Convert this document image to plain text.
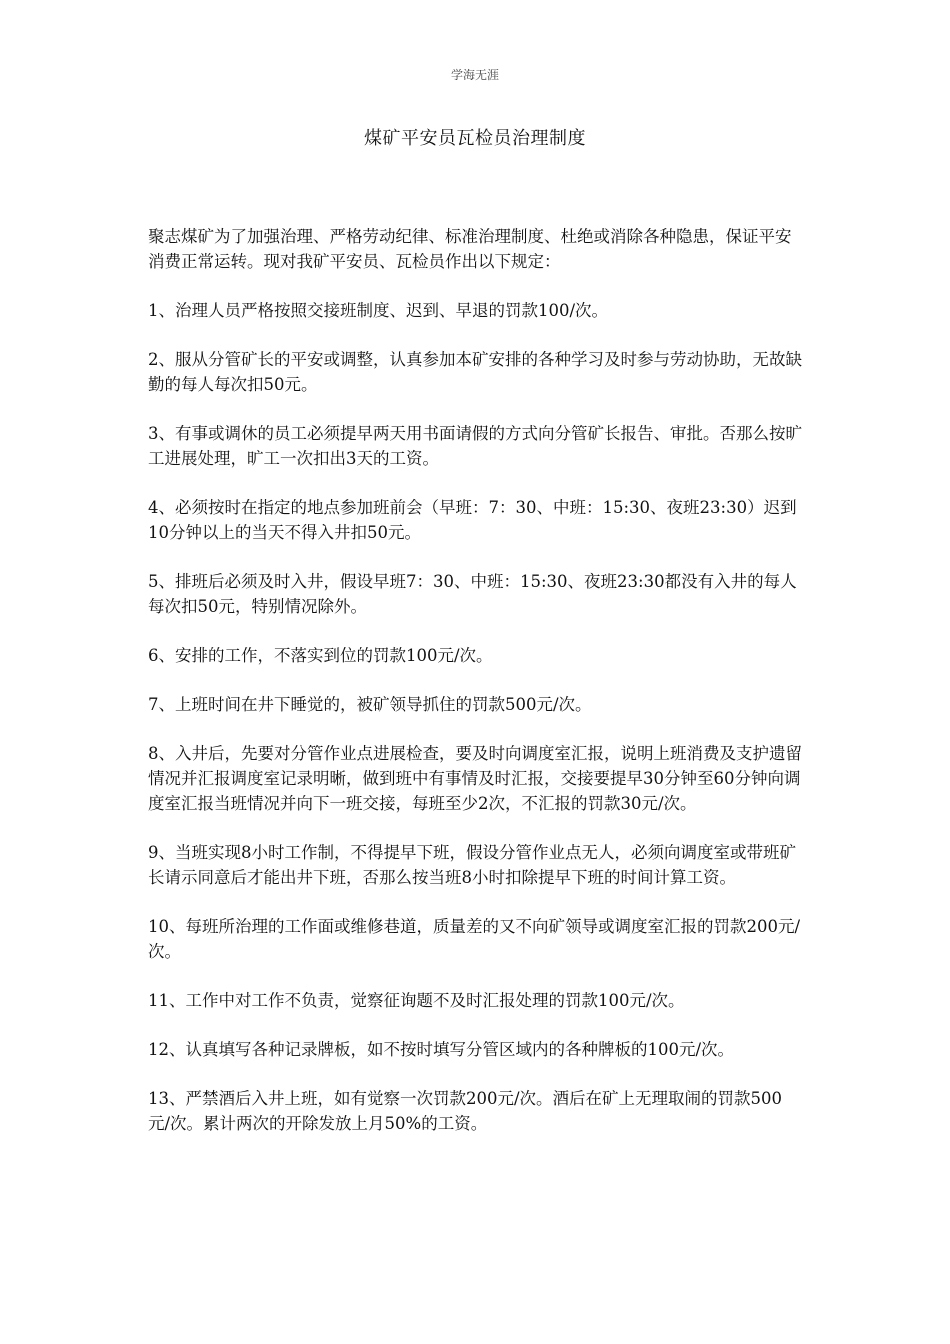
学海无涯
煤矿平安员瓦检员治理制度

聚志煤矿为了加强治理、严格劳动纪律、标准治理制度、杜绝或消除各种隐患，保证平安消费正常运转。现对我矿平安员、瓦检员作出以下规定：

1、治理人员严格按照交接班制度、迟到、早退的罚款100/次。

2、服从分管矿长的平安或调整，认真参加本矿安排的各种学习及时参与劳动协助，无故缺勤的每人每次扣50元。

3、有事或调休的员工必须提早两天用书面请假的方式向分管矿长报告、审批。否那么按旷工进展处理，旷工一次扣出3天的工资。

4、必须按时在指定的地点参加班前会（早班：7：30、中班：15:30、夜班23:30）迟到10分钟以上的当天不得入井扣50元。

5、排班后必须及时入井，假设早班7：30、中班：15:30、夜班23:30都没有入井的每人每次扣50元，特别情况除外。

6、安排的工作，不落实到位的罚款100元/次。

7、上班时间在井下睡觉的，被矿领导抓住的罚款500元/次。

8、入井后，先要对分管作业点进展检查，要及时向调度室汇报，说明上班消费及支护遗留情况并汇报调度室记录明晰，做到班中有事情及时汇报，交接要提早30分钟至60分钟向调度室汇报当班情况并向下一班交接，每班至少2次，不汇报的罚款30元/次。

9、当班实现8小时工作制，不得提早下班，假设分管作业点无人，必须向调度室或带班矿长请示同意后才能出井下班，否那么按当班8小时扣除提早下班的时间计算工资。

10、每班所治理的工作面或维修巷道，质量差的又不向矿领导或调度室汇报的罚款200元/次。

11、工作中对工作不负责，觉察征询题不及时汇报处理的罚款100元/次。

12、认真填写各种记录牌板，如不按时填写分管区域内的各种牌板的100元/次。

13、严禁酒后入井上班，如有觉察一次罚款200元/次。酒后在矿上无理取闹的罚款500元/次。累计两次的开除发放上月50%的工资。
